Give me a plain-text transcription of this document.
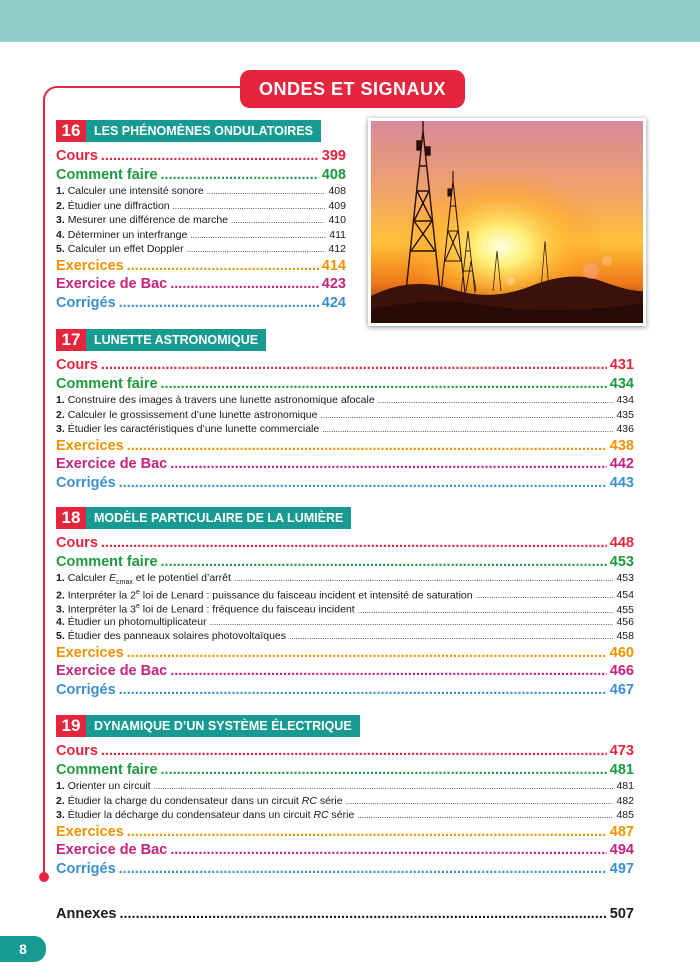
ONDES ET SIGNAUX
16	LES PHÉNOMÈNES ONDULATOIRES
Cours .....	399
Comment faire .....	408
1. Calculer une intensité sonore .....	408
2. Étudier une diffraction .....	409
3. Mesurer une différence de marche .....	410
4. Déterminer un interfrange .....	411
5. Calculer un effet Doppler .....	412
Exercices .....	414
Exercice de Bac .....	423
Corrigés .....	424
17	LUNETTE ASTRONOMIQUE
Cours .....	431
Comment faire .....	434
1. Construire des images à travers une lunette astronomique afocale .....	434
2. Calculer le grossissement d’une lunette astronomique .....	435
3. Étudier les caractéristiques d’une lunette commerciale .....	436
Exercices .....	438
Exercice de Bac .....	442
Corrigés .....	443
18	MODÈLE PARTICULAIRE DE LA LUMIÈRE
Cours .....	448
Comment faire .....	453
1. Calculer $E_{cmax}$ et le potentiel d’arrêt .....	453
2. Interpréter la 2e loi de Lenard : puissance du faisceau incident et intensité de saturation .....	454
3. Interpréter la 3e loi de Lenard : fréquence du faisceau incident .....	455
4. Étudier un photomultiplicateur .....	456
5. Étudier des panneaux solaires photovoltaïques .....	458
Exercices .....	460
Exercice de Bac .....	466
Corrigés .....	467
19	DYNAMIQUE D’UN SYSTÈME ÉLECTRIQUE
Cours .....	473
Comment faire .....	481
1. Orienter un circuit .....	481
2. Étudier la charge du condensateur dans un circuit RC série .....	482
3. Étudier la décharge du condensateur dans un circuit RC série .....	485
Exercices .....	487
Exercice de Bac .....	494
Corrigés .....	497
Annexes .....	507
8
